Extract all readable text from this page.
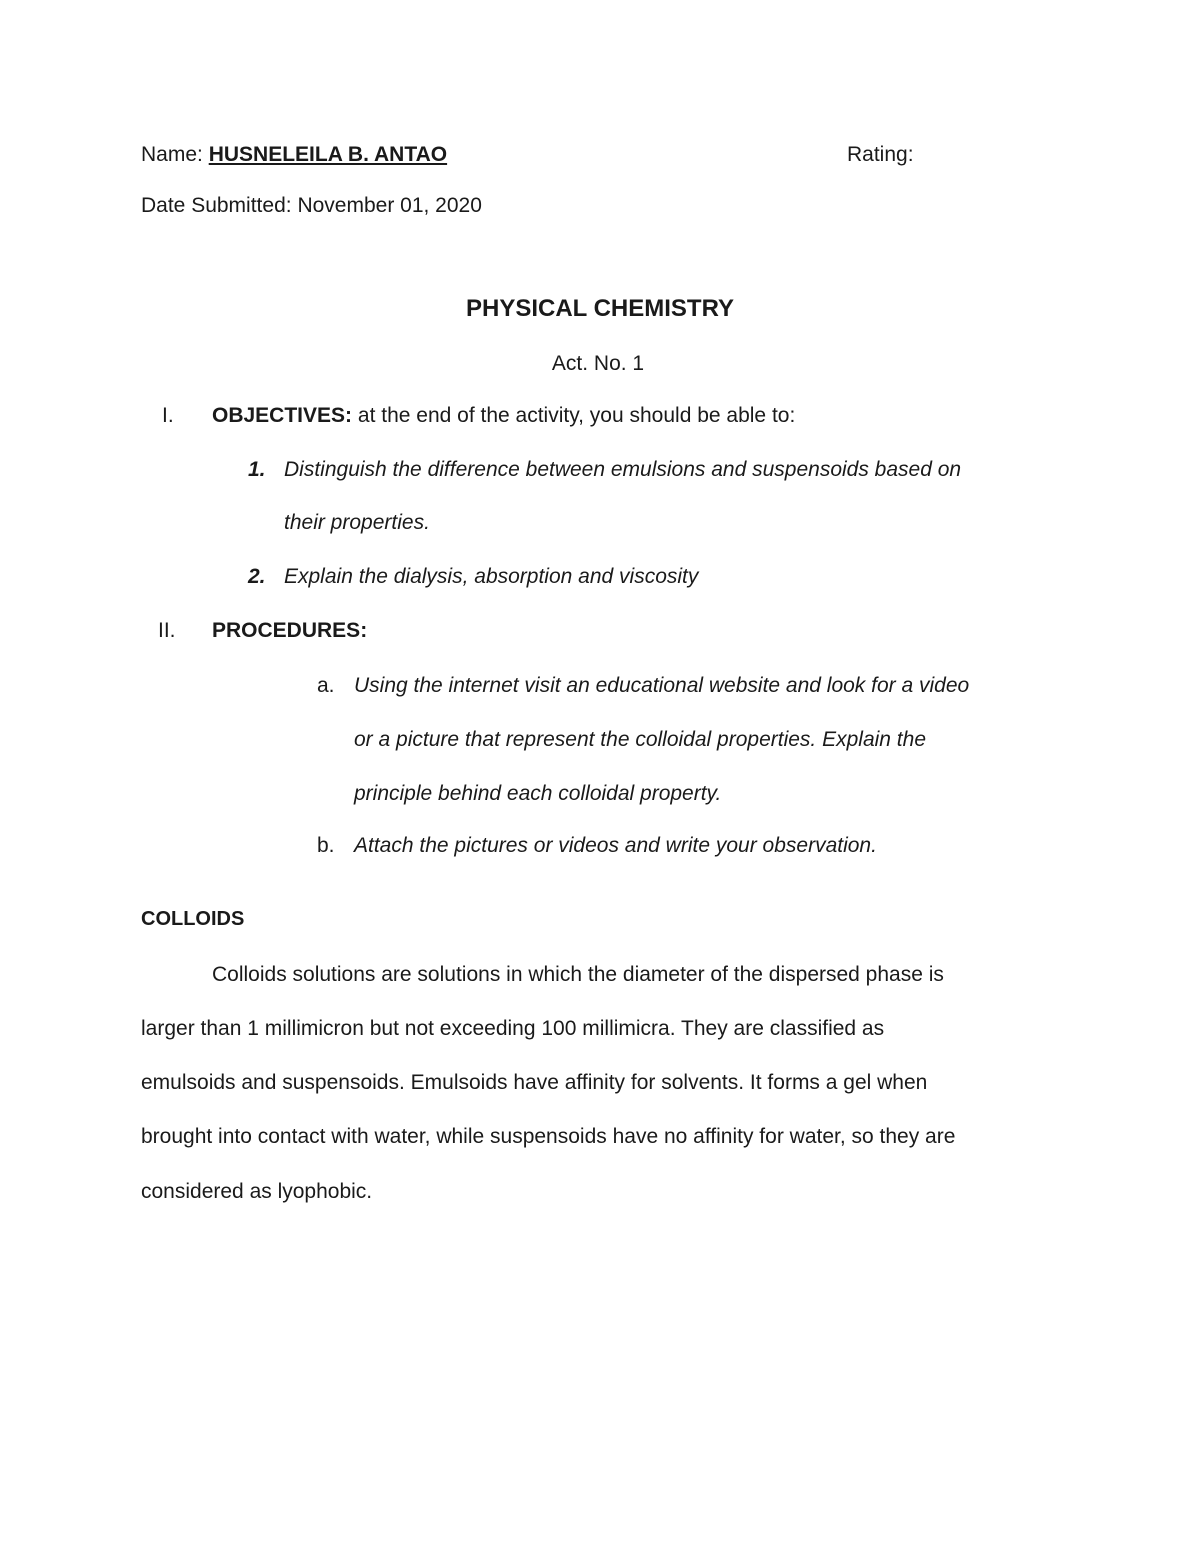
Name: HUSNELEILA B. ANTAO	Rating:
Date Submitted: November 01, 2020
PHYSICAL CHEMISTRY
Act. No. 1
I. OBJECTIVES: at the end of the activity, you should be able to:
1. Distinguish the difference between emulsions and suspensoids based on
their properties.
2. Explain the dialysis, absorption and viscosity
II. PROCEDURES:
a. Using the internet visit an educational website and look for a video
or a picture that represent the colloidal properties. Explain the
principle behind each colloidal property.
b. Attach the pictures or videos and write your observation.
COLLOIDS
Colloids solutions are solutions in which the diameter of the dispersed phase is
larger than 1 millimicron but not exceeding 100 millimicra. They are classified as
emulsoids and suspensoids. Emulsoids have affinity for solvents. It forms a gel when
brought into contact with water, while suspensoids have no affinity for water, so they are
considered as lyophobic.
